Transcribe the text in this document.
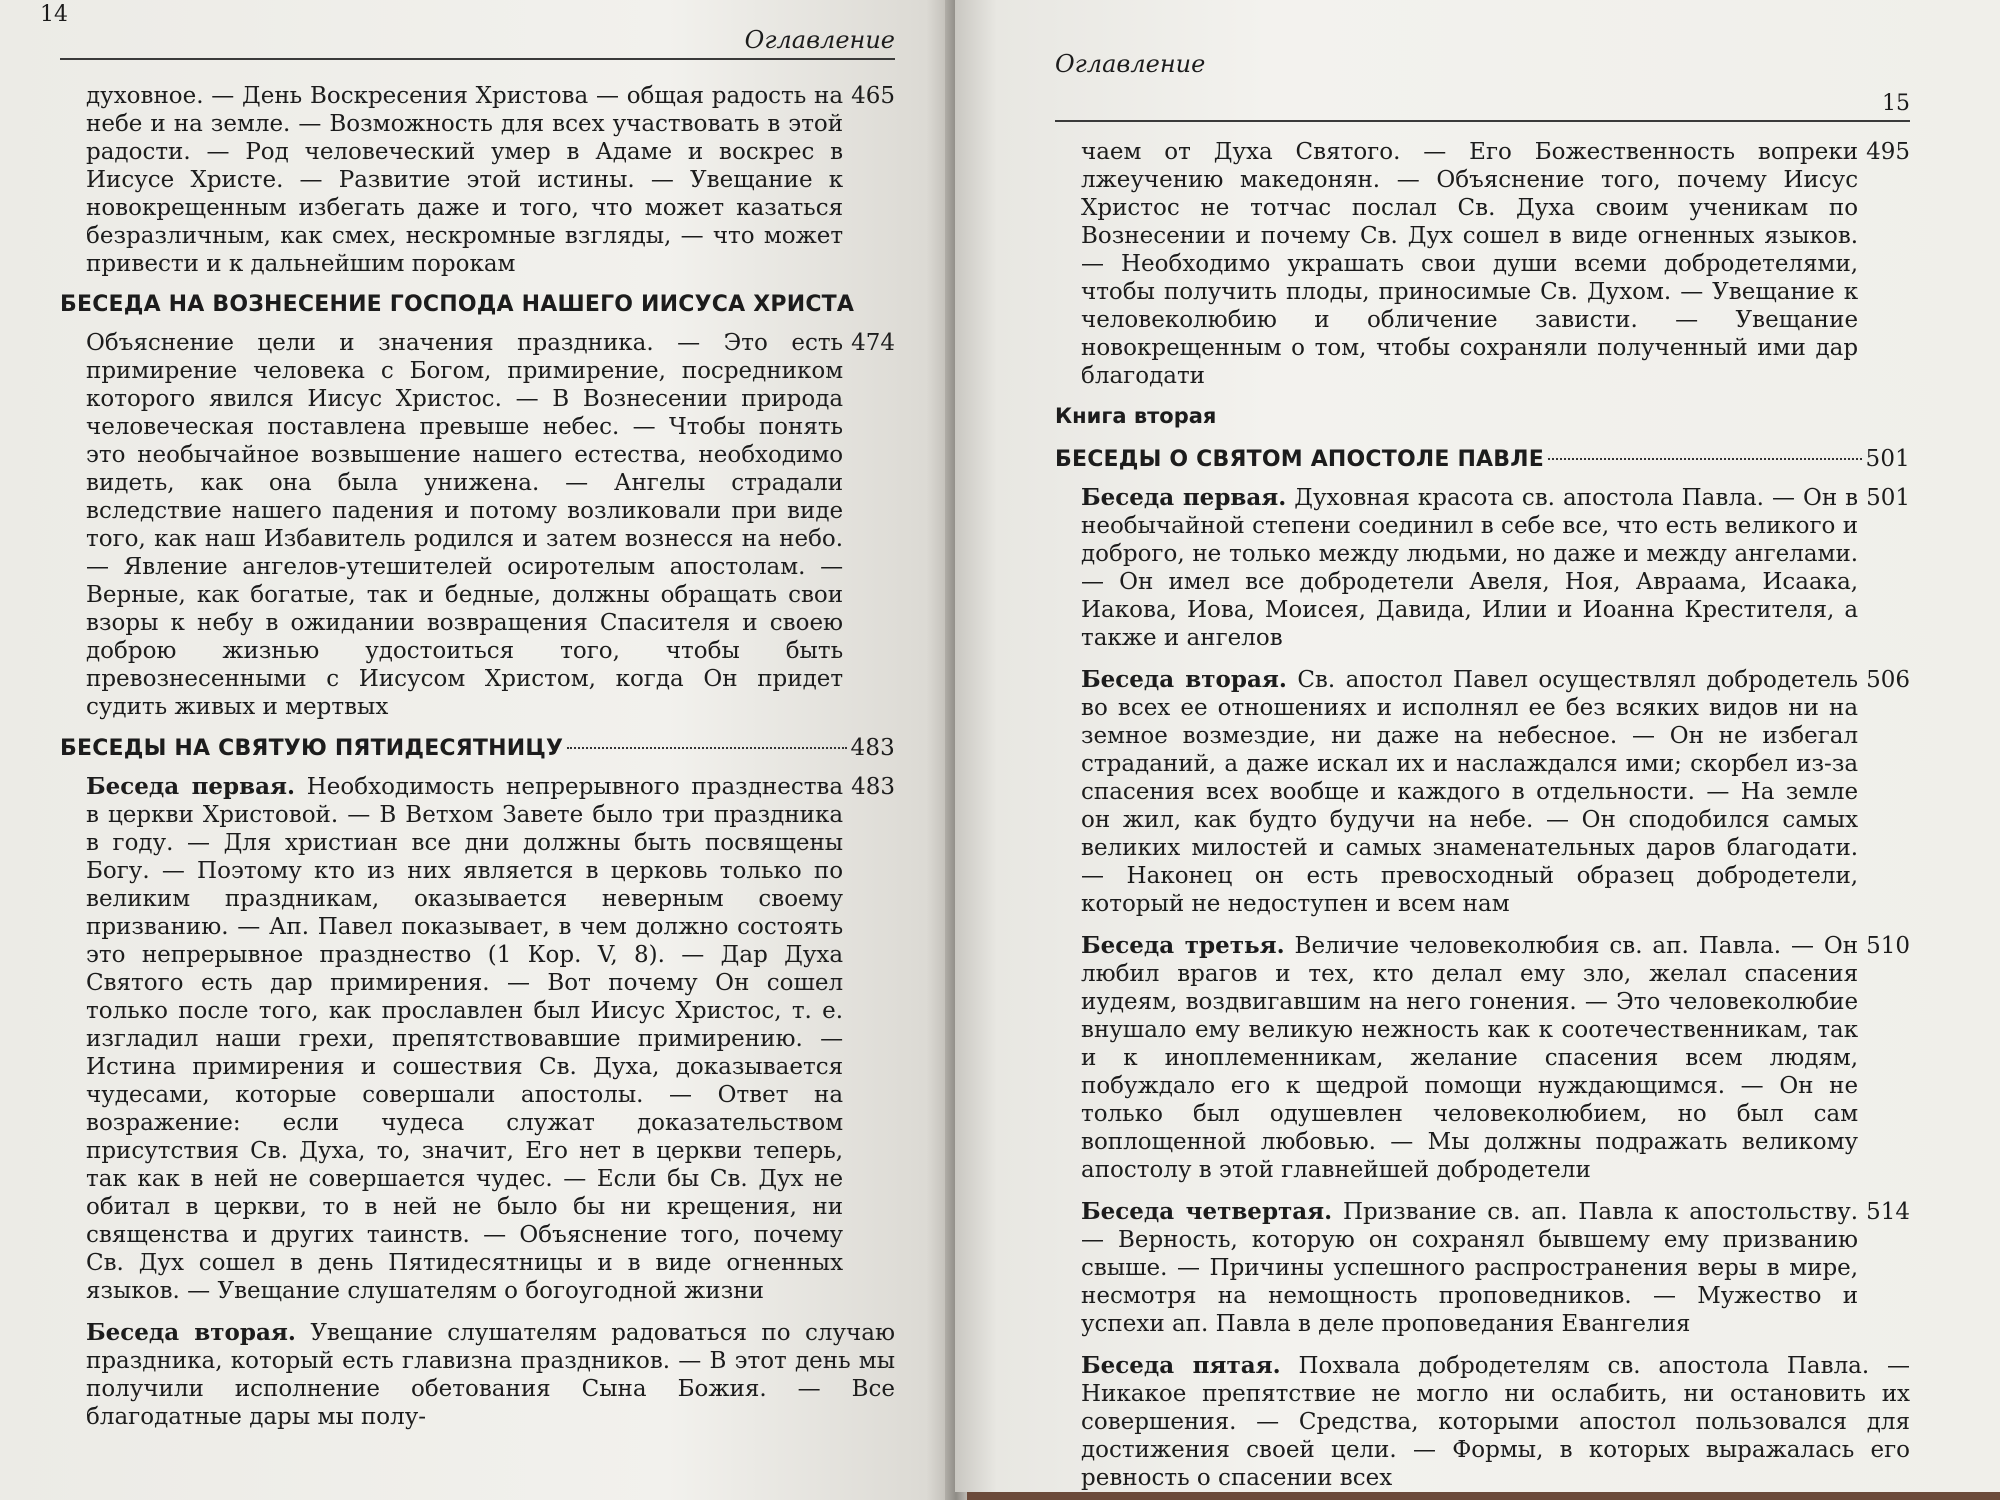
14
Оглавление
духовное. — День Воскресения Христова — общая радость на небе и на земле. — Возможность для всех участвовать в этой радости. — Род человеческий умер в Адаме и воскрес в Иисусе Христе. — Развитие этой истины. — Увещание к новокрещенным избегать даже и того, что может казаться безразличным, как смех, нескромные взгляды, — что может привести и к дальнейшим порокам
465
БЕСЕДА НА ВОЗНЕСЕНИЕ ГОСПОДА НАШЕГО ИИСУСА ХРИСТА
Объяснение цели и значения праздника. — Это есть примирение человека с Богом, примирение, посредником которого явился Иисус Христос. — В Вознесении природа человеческая поставлена превыше небес. — Чтобы понять это необычайное возвышение нашего естества, необходимо видеть, как она была унижена. — Ангелы страдали вследствие нашего падения и потому возликовали при виде того, как наш Избавитель родился и затем вознесся на небо. — Явление ангелов-утешителей осиротелым апостолам. — Верные, как богатые, так и бедные, должны обращать свои взоры к небу в ожидании возвращения Спасителя и своею доброю жизнью удостоиться того, чтобы быть превознесенными с Иисусом Христом, когда Он придет судить живых и мертвых
474
БЕСЕДЫ НА СВЯТУЮ ПЯТИДЕСЯТНИЦУ	483
Беседа первая. Необходимость непрерывного празднества в церкви Христовой. — В Ветхом Завете было три праздника в году. — Для христиан все дни должны быть посвящены Богу. — Поэтому кто из них является в церковь только по великим праздникам, оказывается неверным своему призванию. — Ап. Павел показывает, в чем должно состоять это непрерывное празднество (1 Кор. V, 8). — Дар Духа Святого есть дар примирения. — Вот почему Он сошел только после того, как прославлен был Иисус Христос, т. е. изгладил наши грехи, препятствовавшие примирению. — Истина примирения и сошествия Св. Духа, доказывается чудесами, которые совершали апостолы. — Ответ на возражение: если чудеса служат доказательством присутствия Св. Духа, то, значит, Его нет в церкви теперь, так как в ней не совершается чудес. — Если бы Св. Дух не обитал в церкви, то в ней не было бы ни крещения, ни священства и других таинств. — Объяснение того, почему Св. Дух сошел в день Пятидесятницы и в виде огненных языков. — Увещание слушателям о богоугодной жизни
483
Беседа вторая. Увещание слушателям радоваться по случаю праздника, который есть главизна праздников. — В этот день мы получили исполнение обетования Сына Божия. — Все благодатные дары мы полу-
Оглавление
15
чаем от Духа Святого. — Его Божественность вопреки лжеучению македонян. — Объяснение того, почему Иисус Христос не тотчас послал Св. Духа своим ученикам по Вознесении и почему Св. Дух сошел в виде огненных языков. — Необходимо украшать свои души всеми добродетелями, чтобы получить плоды, приносимые Св. Духом. — Увещание к человеколюбию и обличение зависти. — Увещание новокрещенным о том, чтобы сохраняли полученный ими дар благодати
495
Книга вторая
БЕСЕДЫ О СВЯТОМ АПОСТОЛЕ ПАВЛЕ	501
Беседа первая. Духовная красота св. апостола Павла. — Он в необычайной степени соединил в себе все, что есть великого и доброго, не только между людьми, но даже и между ангелами. — Он имел все добродетели Авеля, Ноя, Авраама, Исаака, Иакова, Иова, Моисея, Давида, Илии и Иоанна Крестителя, а также и ангелов
501
Беседа вторая. Св. апостол Павел осуществлял добродетель во всех ее отношениях и исполнял ее без всяких видов ни на земное возмездие, ни даже на небесное. — Он не избегал страданий, а даже искал их и наслаждался ими; скорбел из-за спасения всех вообще и каждого в отдельности. — На земле он жил, как будто будучи на небе. — Он сподобился самых великих милостей и самых знаменательных даров благодати. — Наконец он есть превосходный образец добродетели, который не недоступен и всем нам
506
Беседа третья. Величие человеколюбия св. ап. Павла. — Он любил врагов и тех, кто делал ему зло, желал спасения иудеям, воздвигавшим на него гонения. — Это человеколюбие внушало ему великую нежность как к соотечественникам, так и к иноплеменникам, желание спасения всем людям, побуждало его к щедрой помощи нуждающимся. — Он не только был одушевлен человеколюбием, но был сам воплощенной любовью. — Мы должны подражать великому апостолу в этой главнейшей добродетели
510
Беседа четвертая. Призвание св. ап. Павла к апостольству. — Верность, которую он сохранял бывшему ему призванию свыше. — Причины успешного распространения веры в мире, несмотря на немощность проповедников. — Мужество и успехи ап. Павла в деле проповедания Евангелия
514
Беседа пятая. Похвала добродетелям св. апостола Павла. — Никакое препятствие не могло ни ослабить, ни остановить их совершения. — Средства, которыми апостол пользовался для достижения своей цели. — Формы, в которых выражалась его ревность о спасении всех
